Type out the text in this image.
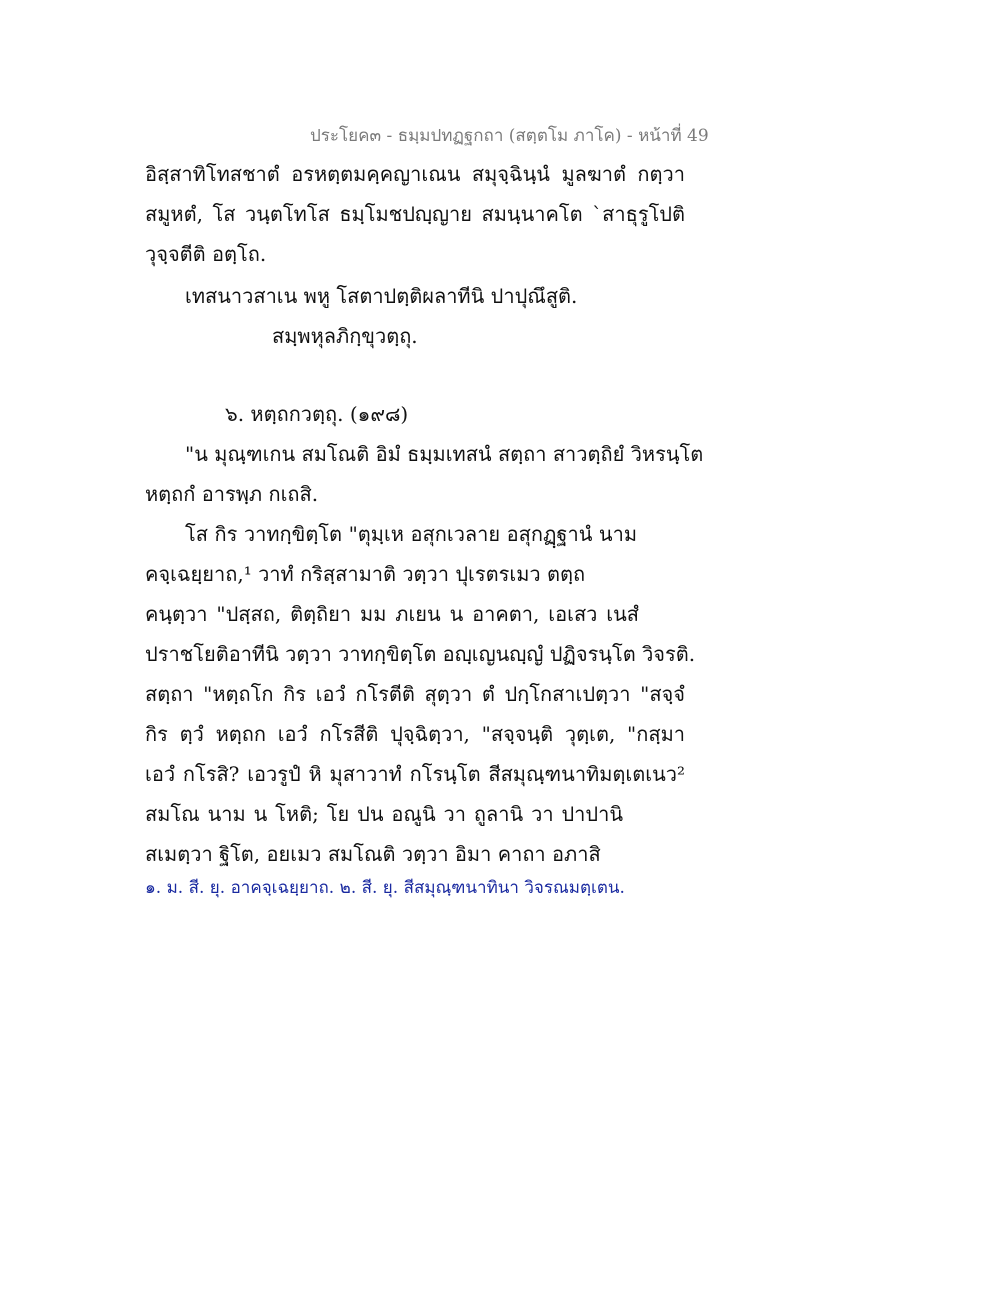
ประโยค๓ - ธมฺมปทฏฐกถา (สตฺตโม ภาโค) - หน้าที่ 49
อิสฺสาทิโทสชาตํ อรหตฺตมคฺคญาเณน สมุจฺฉินฺนํ มูลฆาตํ กตฺวา
สมูหตํ, โส วนฺตโทโส ธมฺโมชปญฺญาย สมนฺนาคโต `สาธุรูโปติ
วุจฺจตีติ อตฺโถ.
เทสนาวสาเน พหู โสตาปตฺติผลาทีนิ ปาปุณึสูติ.
สมฺพหุลภิกฺขุวตฺถุ.
๖. หตฺถกวตฺถุ. (๑๙๘)
"น มุณฺฑเกน สมโณติ อิมํ ธมฺมเทสนํ สตฺถา สาวตฺถิยํ วิหรนฺโต
หตฺถกํ อารพฺภ กเถสิ.
โส กิร วาทกฺขิตฺโต "ตุมฺเห อสุกเวลาย อสุกฏฺฐานํ นาม
คจฺเฉยฺยาถ,¹ วาทํ กริสฺสามาติ วตฺวา ปุเรตรเมว ตตฺถ
คนฺตฺวา "ปสฺสถ, ติตฺถิยา มม ภเยน น อาคตา, เอเสว เนสํ
ปราชโยติอาทีนิ วตฺวา วาทกฺขิตฺโต อญฺเญนญฺญํ ปฏิจรนฺโต วิจรติ.
สตฺถา "หตฺถโก กิร เอวํ กโรตีติ สุตฺวา ตํ ปกฺโกสาเปตฺวา "สจฺจํ
กิร ตฺวํ หตฺถก เอวํ กโรสีติ ปุจฺฉิตฺวา, "สจฺจนฺติ วุตฺเต, "กสฺมา
เอวํ กโรสิ? เอวรูปํ หิ มุสาวาทํ กโรนฺโต สีสมุณฺฑนาทิมตฺเตเนว²
สมโณ นาม น โหติ; โย ปน อณูนิ วา ถูลานิ วา ปาปานิ
สเมตฺวา ฐิโต, อยเมว สมโณติ วตฺวา อิมา คาถา อภาสิ
๑. ม. สี. ยุ. อาคจฺเฉยฺยาถ. ๒. สี. ยุ. สีสมุณฺฑนาทินา วิจรณมตฺเตน.
